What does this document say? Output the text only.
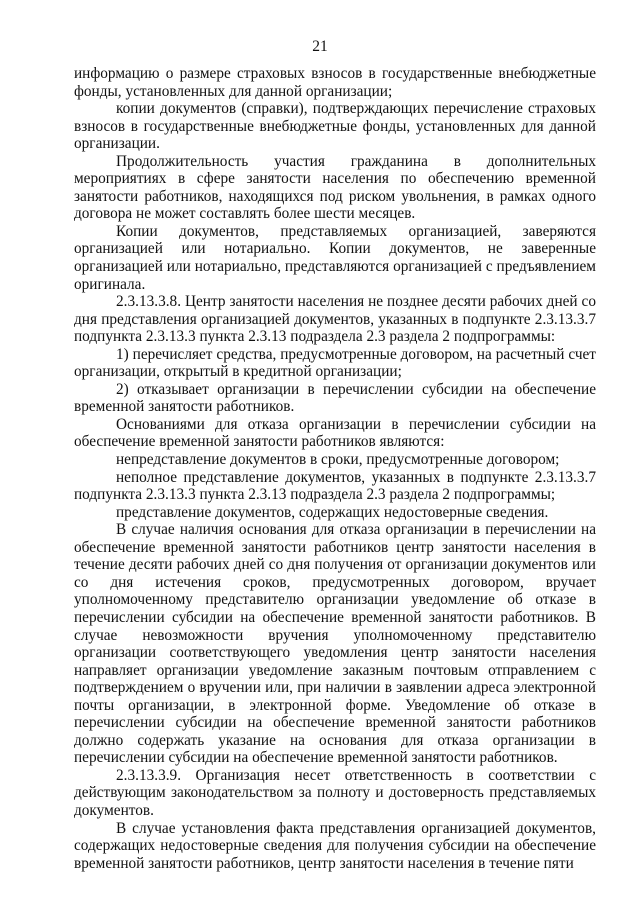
21

информацию о размере страховых взносов в государственные внебюджетные фонды, установленных для данной организации;

копии документов (справки), подтверждающих перечисление страховых взносов в государственные внебюджетные фонды, установленных для данной организации.

Продолжительность участия гражданина в дополнительных мероприятиях в сфере занятости населения по обеспечению временной занятости работников, находящихся под риском увольнения, в рамках одного договора не может составлять более шести месяцев.

Копии документов, представляемых организацией, заверяются организацией или нотариально. Копии документов, не заверенные организацией или нотариально, представляются организацией с предъявлением оригинала.

2.3.13.3.8. Центр занятости населения не позднее десяти рабочих дней со дня представления организацией документов, указанных в подпункте 2.3.13.3.7 подпункта 2.3.13.3 пункта 2.3.13 подраздела 2.3 раздела 2 подпрограммы:

1) перечисляет средства, предусмотренные договором, на расчетный счет организации, открытый в кредитной организации;

2) отказывает организации в перечислении субсидии на обеспечение временной занятости работников.

Основаниями для отказа организации в перечислении субсидии на обеспечение временной занятости работников являются:

непредставление документов в сроки, предусмотренные договором;

неполное представление документов, указанных в подпункте 2.3.13.3.7 подпункта 2.3.13.3 пункта 2.3.13 подраздела 2.3 раздела 2 подпрограммы;

представление документов, содержащих недостоверные сведения.

В случае наличия основания для отказа организации в перечислении на обеспечение временной занятости работников центр занятости населения в течение десяти рабочих дней со дня получения от организации документов или со дня истечения сроков, предусмотренных договором, вручает уполномоченному представителю организации уведомление об отказе в перечислении субсидии на обеспечение временной занятости работников. В случае невозможности вручения уполномоченному представителю организации соответствующего уведомления центр занятости населения направляет организации уведомление заказным почтовым отправлением с подтверждением о вручении или, при наличии в заявлении адреса электронной почты организации, в электронной форме. Уведомление об отказе в перечислении субсидии на обеспечение временной занятости работников должно содержать указание на основания для отказа организации в перечислении субсидии на обеспечение временной занятости работников.

2.3.13.3.9. Организация несет ответственность в соответствии с действующим законодательством за полноту и достоверность представляемых документов.

В случае установления факта представления организацией документов, содержащих недостоверные сведения для получения субсидии на обеспечение временной занятости работников, центр занятости населения в течение пяти
